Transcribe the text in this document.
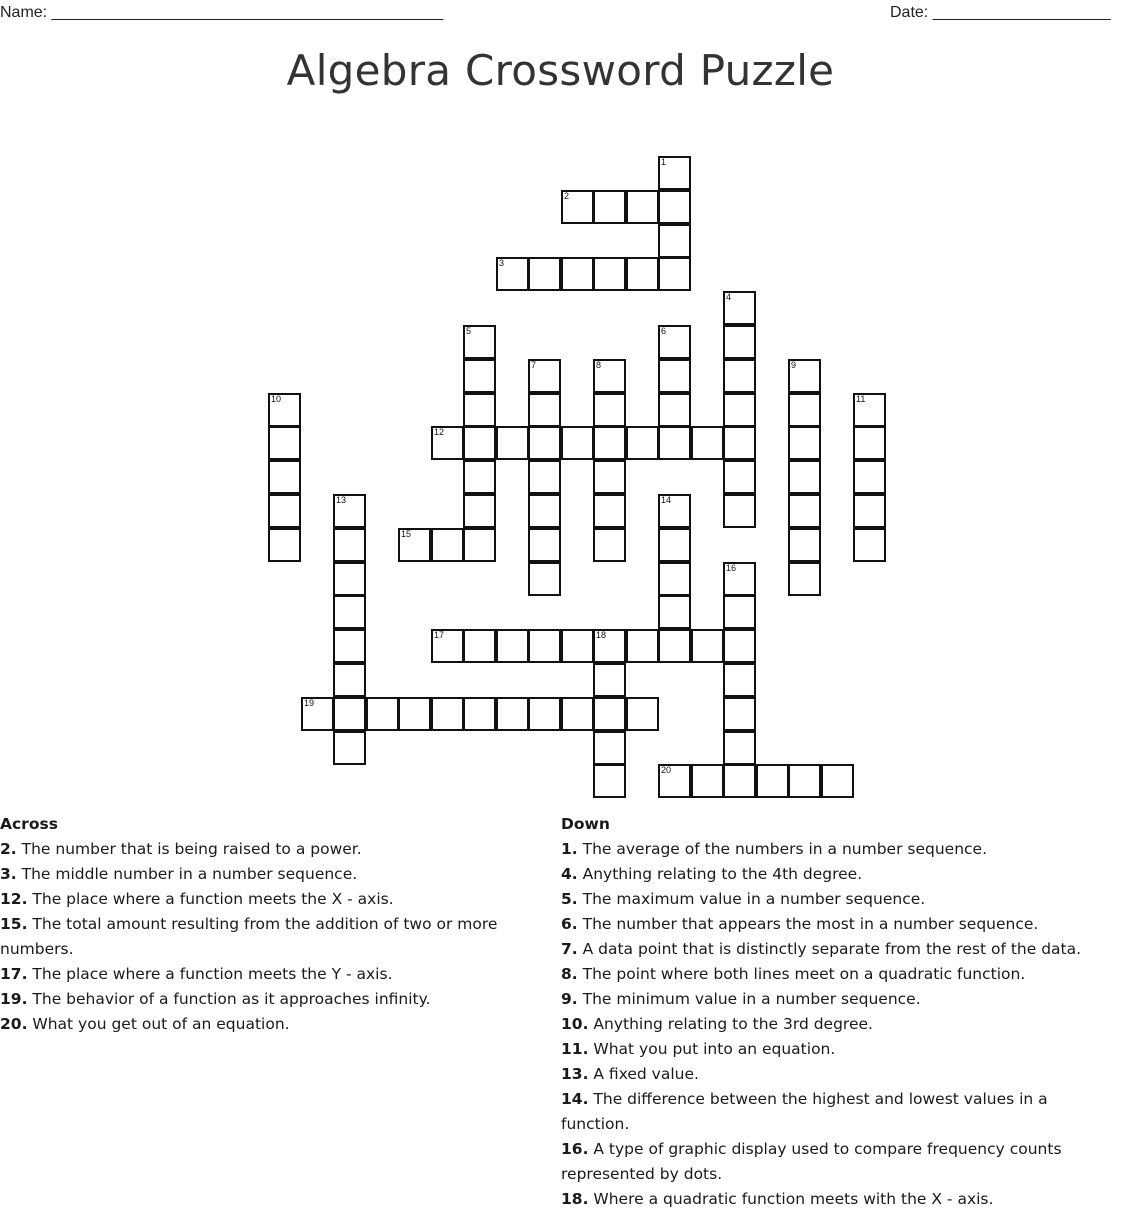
Name: ____________________________________________	Date: ____________________
Algebra Crossword Puzzle
1
2
3
4
5	6
7	8	9
10	11
12
13	14
15
16
17	18
19
20
Across
2. The number that is being raised to a power.
3. The middle number in a number sequence.
12. The place where a function meets the X - axis.
15. The total amount resulting from the addition of two or more numbers.
17. The place where a function meets the Y - axis.
19. The behavior of a function as it approaches infinity.
20. What you get out of an equation.
Down
1. The average of the numbers in a number sequence.
4. Anything relating to the 4th degree.
5. The maximum value in a number sequence.
6. The number that appears the most in a number sequence.
7. A data point that is distinctly separate from the rest of the data.
8. The point where both lines meet on a quadratic function.
9. The minimum value in a number sequence.
10. Anything relating to the 3rd degree.
11. What you put into an equation.
13. A fixed value.
14. The difference between the highest and lowest values in a function.
16. A type of graphic display used to compare frequency counts represented by dots.
18. Where a quadratic function meets with the X - axis.
